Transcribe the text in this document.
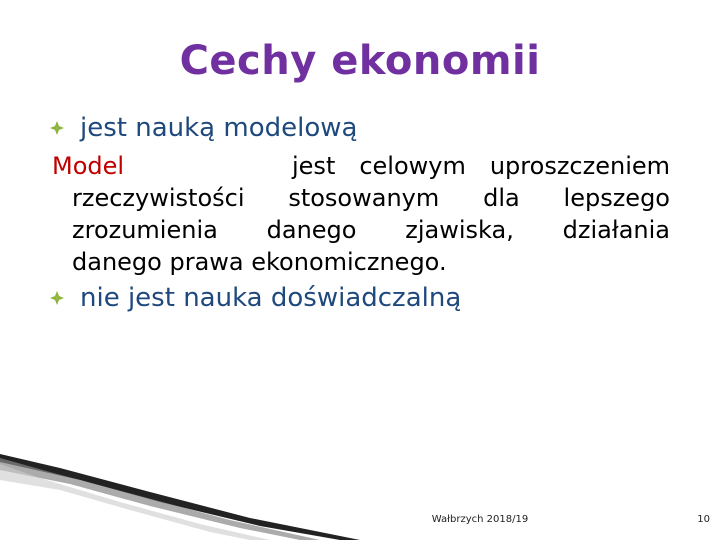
Cechy ekonomii
jest nauką modelową
Model	jest celowym uproszczeniem
rzeczywistości stosowanym dla lepszego
zrozumienia danego zjawiska, działania
danego prawa ekonomicznego.
nie jest nauka doświadczalną
Wałbrzych 2018/19	10
